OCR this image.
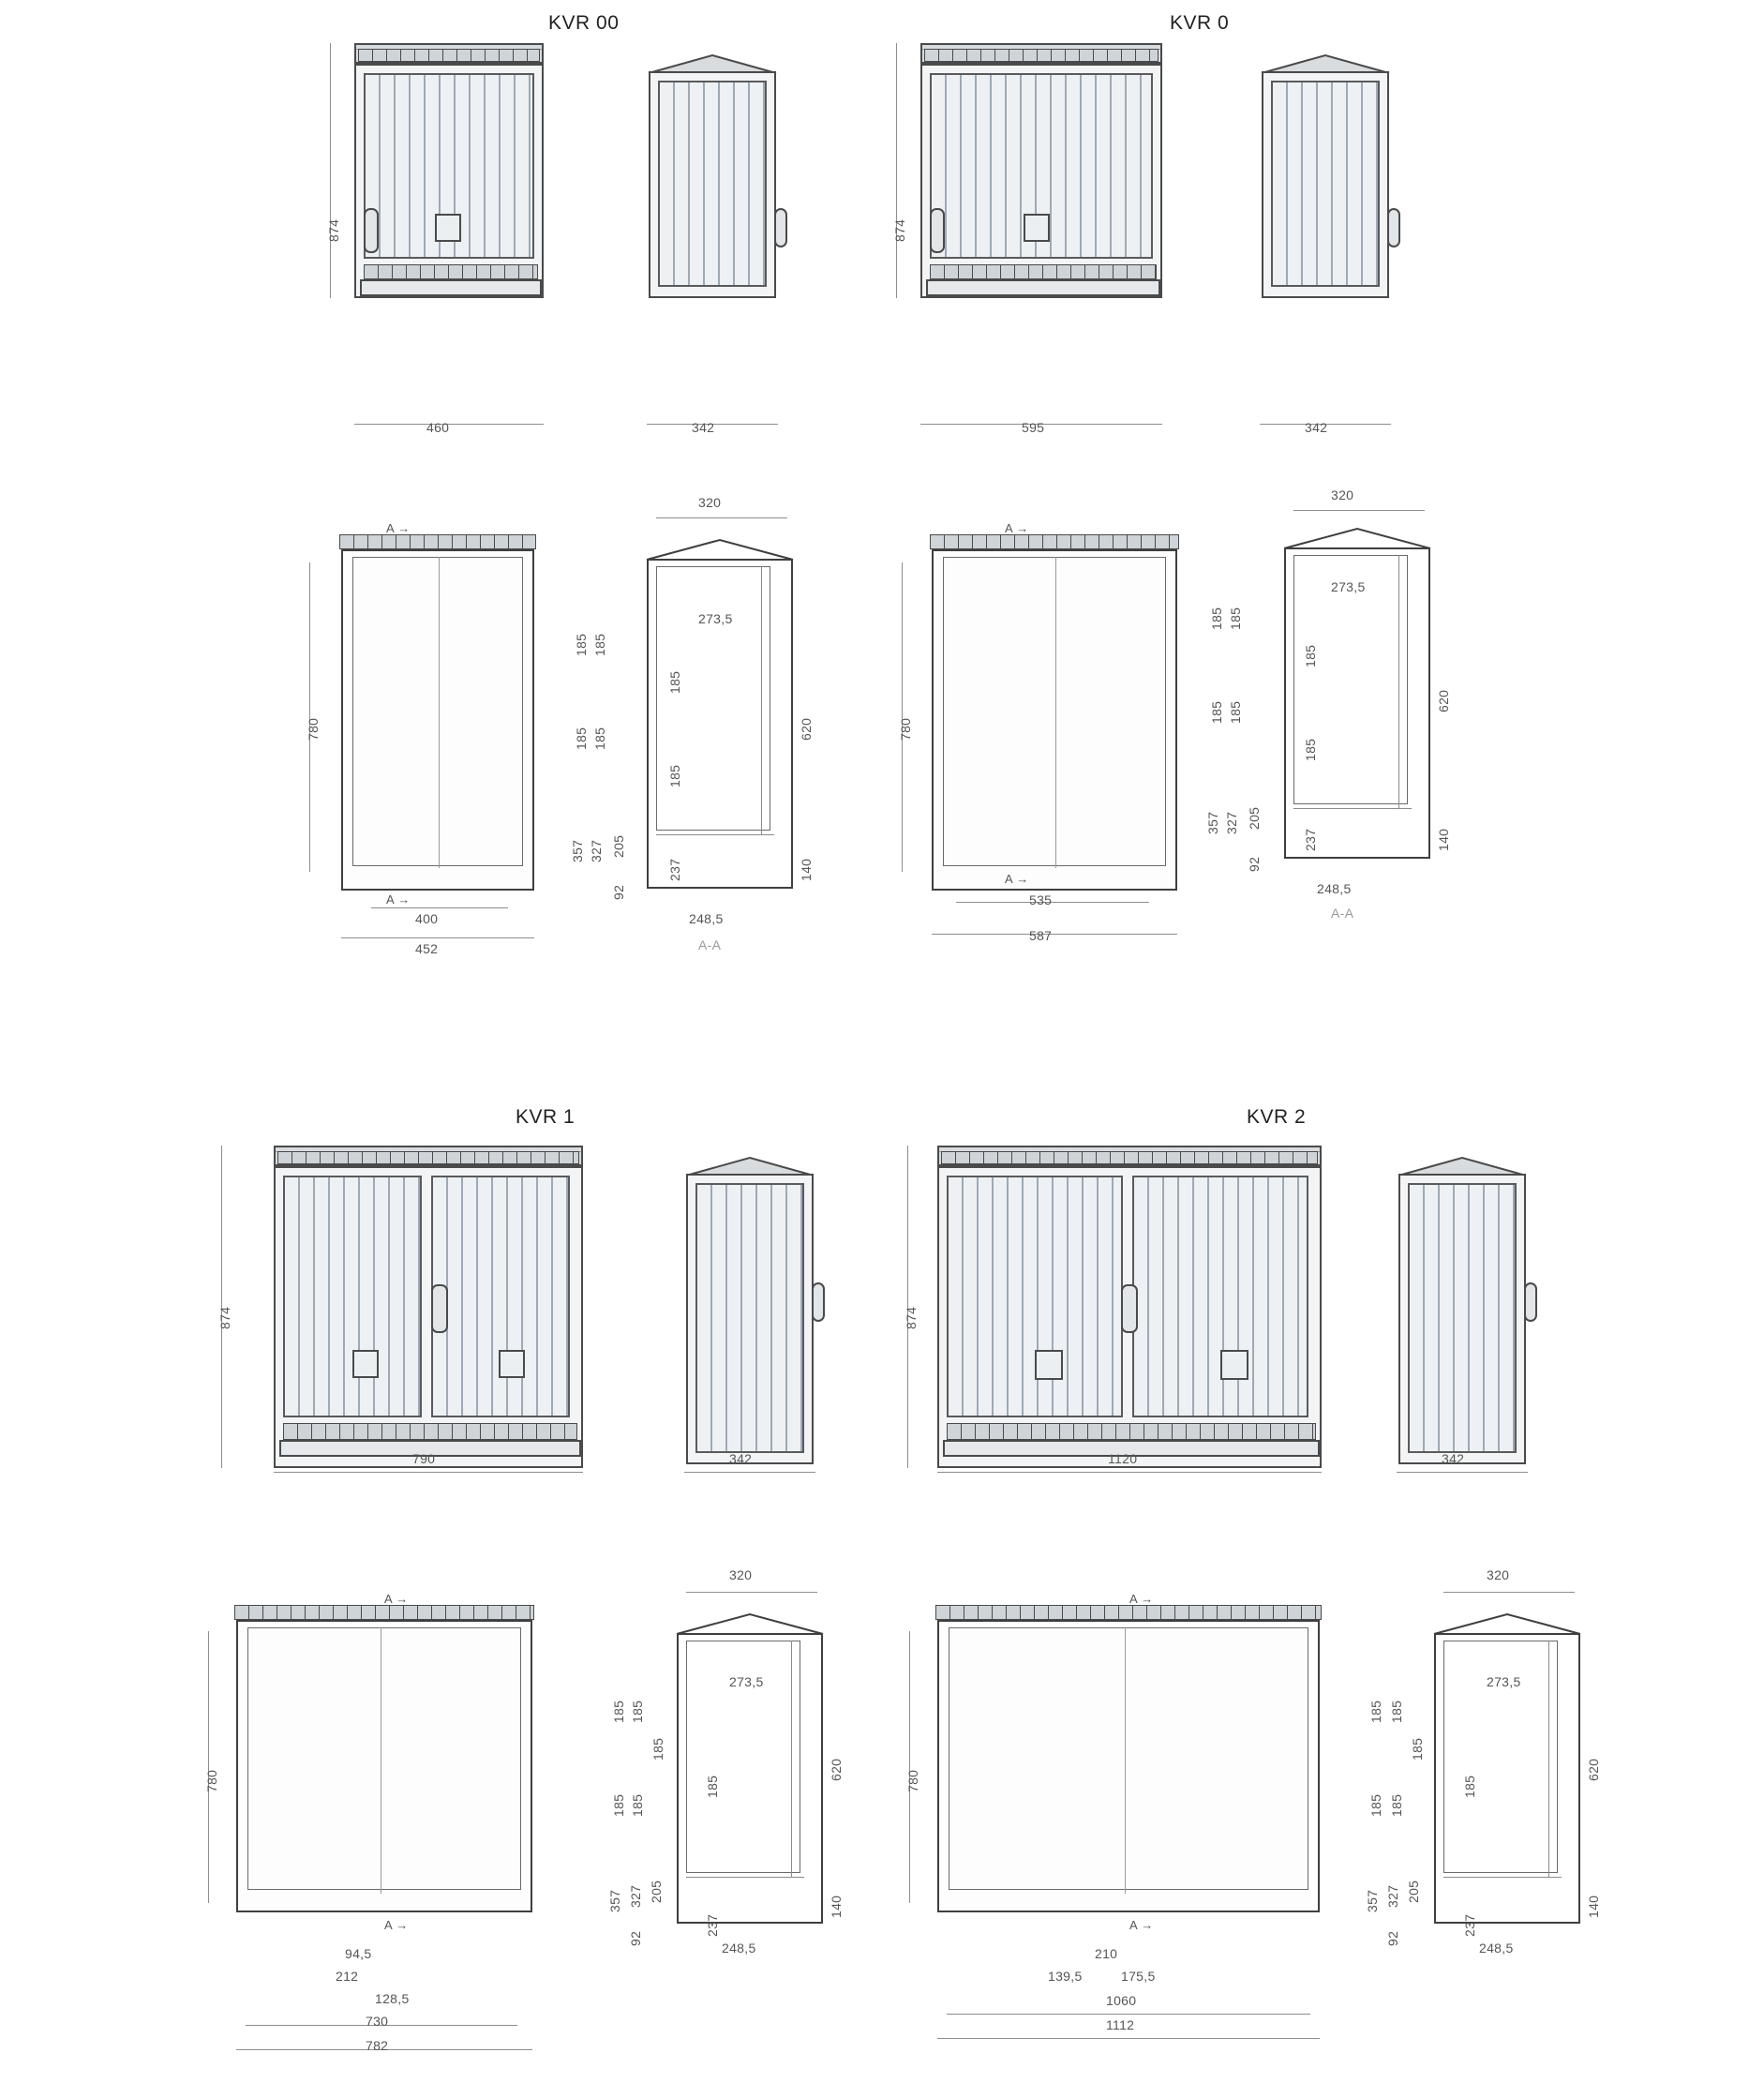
KVR 00
874
460	342
A →
A →
780
400
452
320
273,5
248,5
A-A
620
140
185 185
185 185
185
185
357 327 205
92
237
KVR 0
874
595	342
A →
A →
780
535
587
320
273,5
248,5
A-A
620
140
185 185
185 185
185
185
357 327 205
92
237
KVR 1
874
790	342
A →
A →
780
94,5
212
128,5
730
782
320
273,5
248,5
620
140
185 185
185 185
185
185
357 327 205
92
237
KVR 2
874
1120	342
A →
A →
780
210
139,5	175,5
1060
1112
320
273,5
248,5
620
140
185 185
185 185
185
185
357 327 205
92
237
